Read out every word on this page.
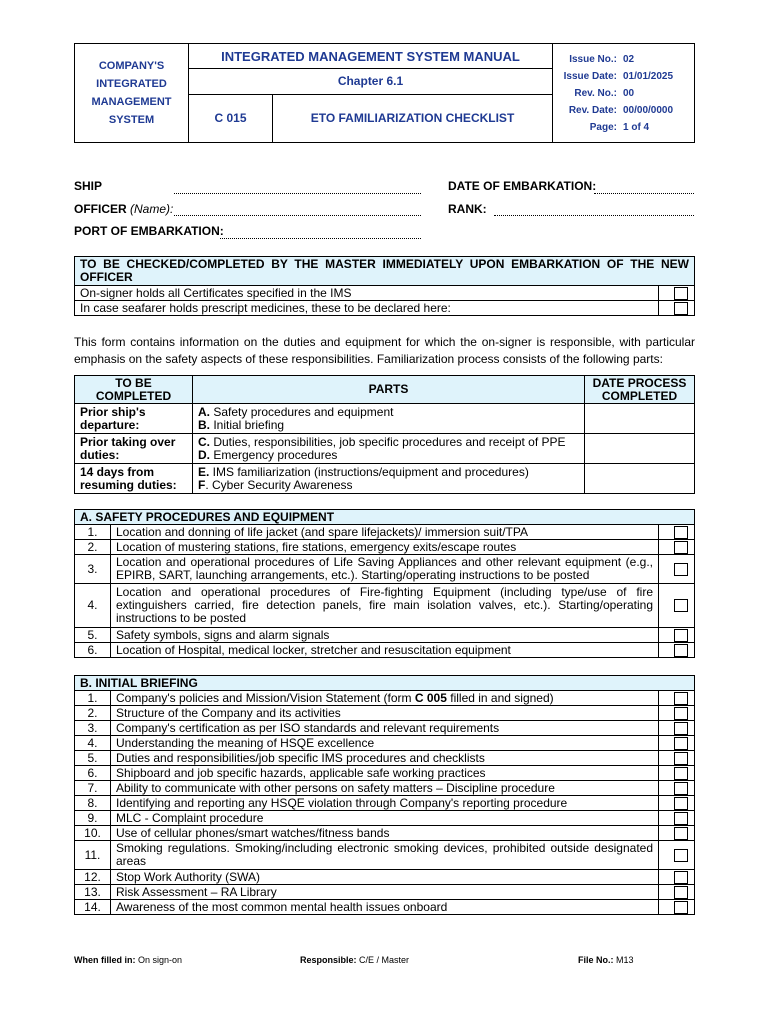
COMPANY'S
INTEGRATED
MANAGEMENT
SYSTEM
	INTEGRATED MANAGEMENT SYSTEM MANUAL		Issue No.:	02
Issue Date:	01/01/2025
Rev. No.:	00
Rev. Date:	00/00/0000
Page:	1 of 4

Chapter 6.1
C 015	ETO FAMILIARIZATION CHECKLIST
SHIP
OFFICER (Name):
PORT OF EMBARKATION:
DATE OF EMBARKATION:
RANK:
TO BE CHECKED/COMPLETED BY THE MASTER IMMEDIATELY UPON EMBARKATION OF THE NEW OFFICER	
On-signer holds all Certificates specified in the IMS	

In case seafarer holds prescript medicines, these to be declared here:	
This form contains information on the duties and equipment for which the on-signer is responsible, with particular emphasis on the safety aspects of these responsibilities. Familiarization process consists of the following parts:
TO BE COMPLETED	PARTS	DATE PROCESS COMPLETED
Prior ship's departure:	A. Safety procedures and equipment
B. Initial briefing	

Prior taking over duties:	C. Duties, responsibilities, job specific procedures and receipt of PPE
D. Emergency procedures	

14 days from resuming duties:	E. IMS familiarization (instructions/equipment and procedures)
F. Cyber Security Awareness	

A. SAFETY PROCEDURES AND EQUIPMENT		
1.	Location and donning of life jacket (and spare lifejackets)/ immersion suit/TPA	

2.	Location of mustering stations, fire stations, emergency exits/escape routes	

3.	Location and operational procedures of Life Saving Appliances and other relevant equipment (e.g., EPIRB, SART, launching arrangements, etc.). Starting/operating instructions to be posted	

4.	Location and operational procedures of Fire-fighting Equipment (including type/use of fire extinguishers carried, fire detection panels, fire main isolation valves, etc.). Starting/operating instructions to be posted	

5.	Safety symbols, signs and alarm signals	

6.	Location of Hospital, medical locker, stretcher and resuscitation equipment	
B. INITIAL BRIEFING		
1.	Company's policies and Mission/Vision Statement (form C 005 filled in and signed)	

2.	Structure of the Company and its activities	

3.	Company's certification as per ISO standards and relevant requirements	

4.	Understanding the meaning of HSQE excellence	

5.	Duties and responsibilities/job specific IMS procedures and checklists	

6.	Shipboard and job specific hazards, applicable safe working practices	

7.	Ability to communicate with other persons on safety matters – Discipline procedure	

8.	Identifying and reporting any HSQE violation through Company's reporting procedure	

9.	MLC - Complaint procedure	

10.	Use of cellular phones/smart watches/fitness bands	

11.	Smoking regulations. Smoking/including electronic smoking devices, prohibited outside designated areas	

12.	Stop Work Authority (SWA)	

13.	Risk Assessment – RA Library	

14.	Awareness of the most common mental health issues onboard	
When filled in: On sign-on	Responsible: C/E / Master	File No.: M13
